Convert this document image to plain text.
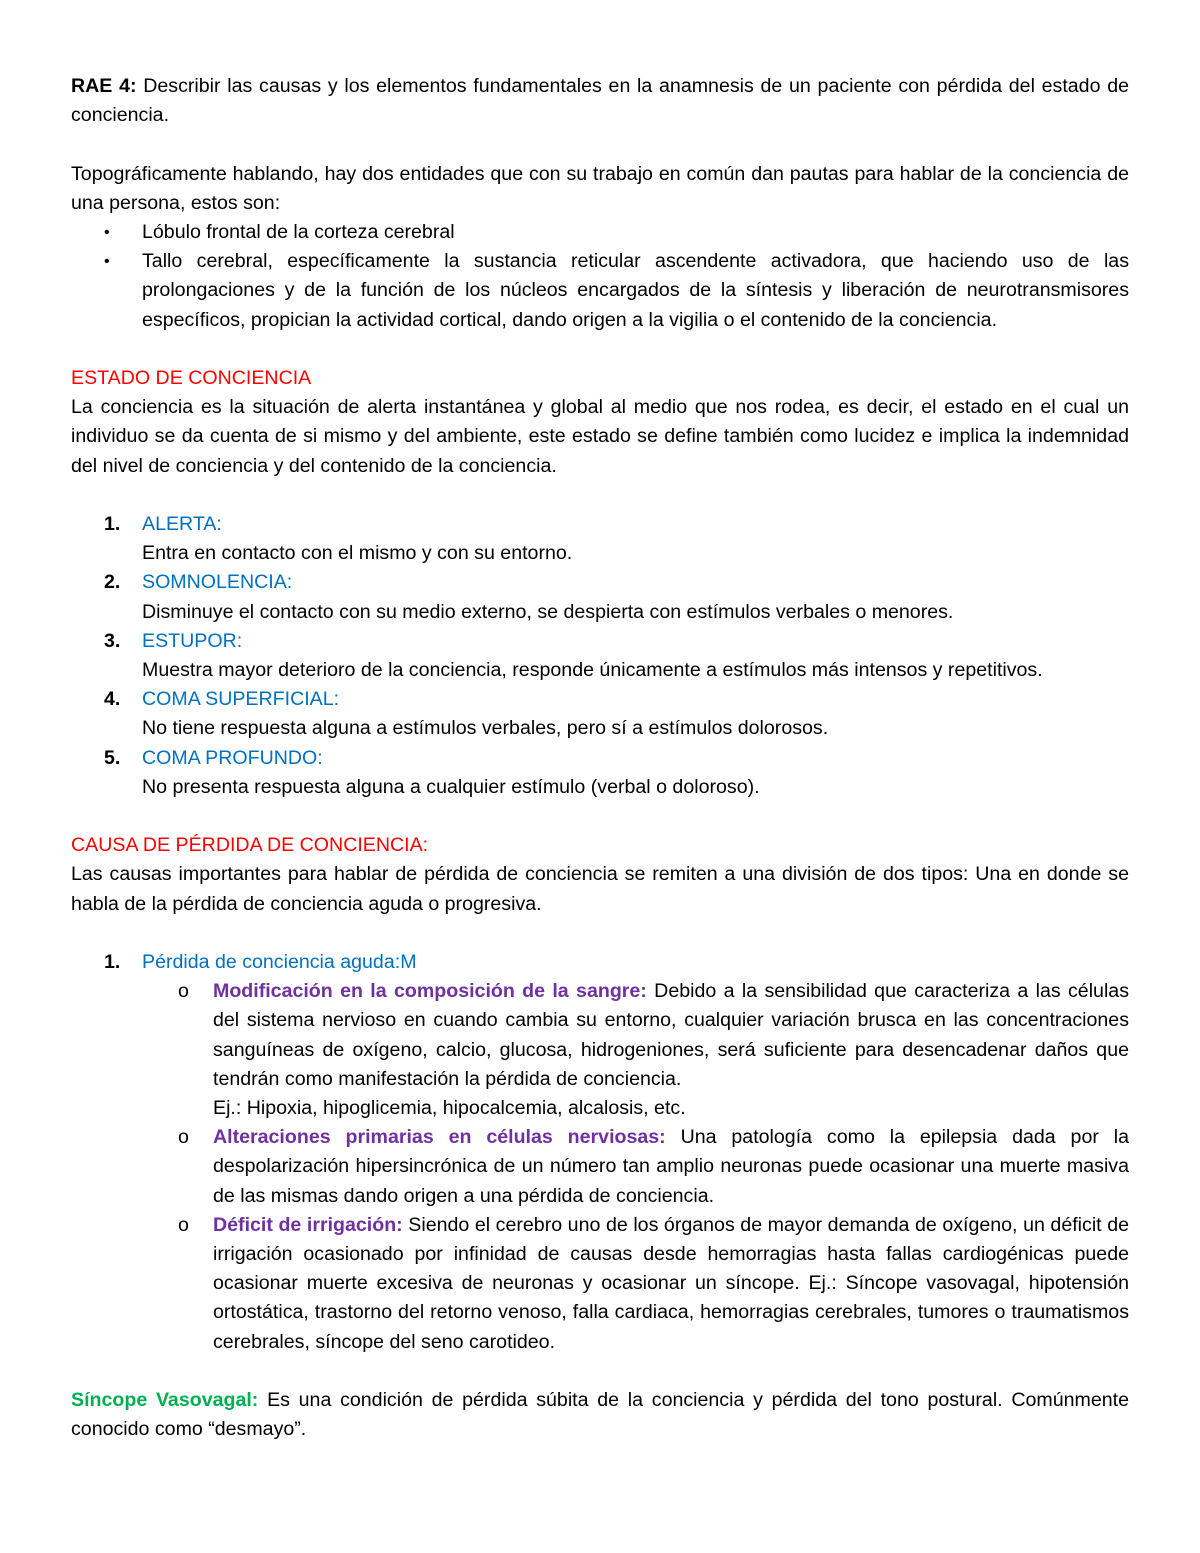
RAE 4: Describir las causas y los elementos fundamentales en la anamnesis de un paciente con pérdida del estado de conciencia.

Topográficamente hablando, hay dos entidades que con su trabajo en común dan pautas para hablar de la conciencia de una persona, estos son:

• Lóbulo frontal de la corteza cerebral
• Tallo cerebral, específicamente la sustancia reticular ascendente activadora, que haciendo uso de las prolongaciones y de la función de los núcleos encargados de la síntesis y liberación de neurotransmisores específicos, propician la actividad cortical, dando origen a la vigilia o el contenido de la conciencia.

ESTADO DE CONCIENCIA

La conciencia es la situación de alerta instantánea y global al medio que nos rodea, es decir, el estado en el cual un individuo se da cuenta de si mismo y del ambiente, este estado se define también como lucidez e implica la indemnidad del nivel de conciencia y del contenido de la conciencia.

1. ALERTA:

Entra en contacto con el mismo y con su entorno.

2. SOMNOLENCIA:

Disminuye el contacto con su medio externo, se despierta con estímulos verbales o menores.

3. ESTUPOR:

Muestra mayor deterioro de la conciencia, responde únicamente a estímulos más intensos y repetitivos.

4. COMA SUPERFICIAL:

No tiene respuesta alguna a estímulos verbales, pero sí a estímulos dolorosos.

5. COMA PROFUNDO:

No presenta respuesta alguna a cualquier estímulo (verbal o doloroso).

CAUSA DE PÉRDIDA DE CONCIENCIA:

Las causas importantes para hablar de pérdida de conciencia se remiten a una división de dos tipos: Una en donde se habla de la pérdida de conciencia aguda o progresiva.

1. Pérdida de conciencia aguda:M

o Modificación en la composición de la sangre: Debido a la sensibilidad que caracteriza a las células del sistema nervioso en cuando cambia su entorno, cualquier variación brusca en las concentraciones sanguíneas de oxígeno, calcio, glucosa, hidrogeniones, será suficiente para desencadenar daños que tendrán como manifestación la pérdida de conciencia.

Ej.: Hipoxia, hipoglicemia, hipocalcemia, alcalosis, etc.

o Alteraciones primarias en células nerviosas: Una patología como la epilepsia dada por la despolarización hipersincrónica de un número tan amplio neuronas puede ocasionar una muerte masiva de las mismas dando origen a una pérdida de conciencia.

o Déficit de irrigación: Siendo el cerebro uno de los órganos de mayor demanda de oxígeno, un déficit de irrigación ocasionado por infinidad de causas desde hemorragias hasta fallas cardiogénicas puede ocasionar muerte excesiva de neuronas y ocasionar un síncope. Ej.: Síncope vasovagal, hipotensión ortostática, trastorno del retorno venoso, falla cardiaca, hemorragias cerebrales, tumores o traumatismos cerebrales, síncope del seno carotideo.

Síncope Vasovagal: Es una condición de pérdida súbita de la conciencia y pérdida del tono postural. Comúnmente conocido como “desmayo”.
